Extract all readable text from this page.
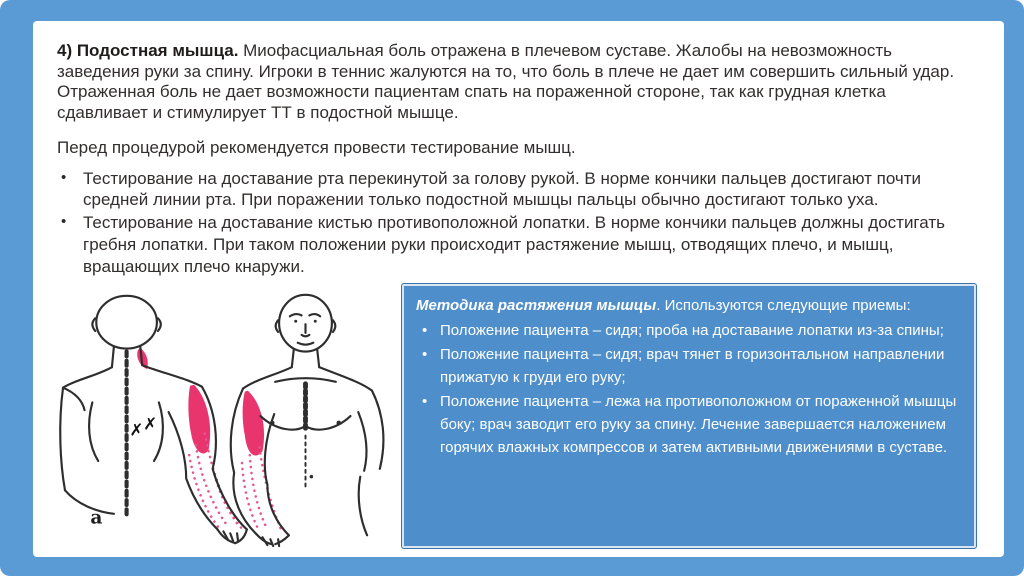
4) Подостная мышца. Миофасциальная боль отражена в плечевом суставе. Жалобы на невозможность заведения руки за спину. Игроки в теннис жалуются на то, что боль в плече не дает им совершить сильный удар. Отраженная боль не дает возможности пациентам спать на пораженной стороне, так как грудная клетка сдавливает и стимулирует ТТ в подостной мышце.

Перед процедурой рекомендуется провести тестирование мышц.

• Тестирование на доставание рта перекинутой за голову рукой. В норме кончики пальцев достигают почти средней линии рта. При поражении только подостной мышцы пальцы обычно достигают только уха.
• Тестирование на доставание кистью противоположной лопатки. В норме кончики пальцев должны достигать гребня лопатки. При таком положении руки происходит растяжение мышц, отводящих плечо, и мышц, вращающих плечо кнаружи.
✗ ✗
a
Методика растяжения мышцы. Используются следующие приемы:
• Положение пациента – сидя; проба на доставание лопатки из-за спины;
• Положение пациента – сидя; врач тянет в горизонтальном направлении прижатую к груди его руку;
• Положение пациента – лежа на противоположном от пораженной мышцы боку; врач заводит его руку за спину. Лечение завершается наложением горячих влажных компрессов и затем активными движениями в суставе.
